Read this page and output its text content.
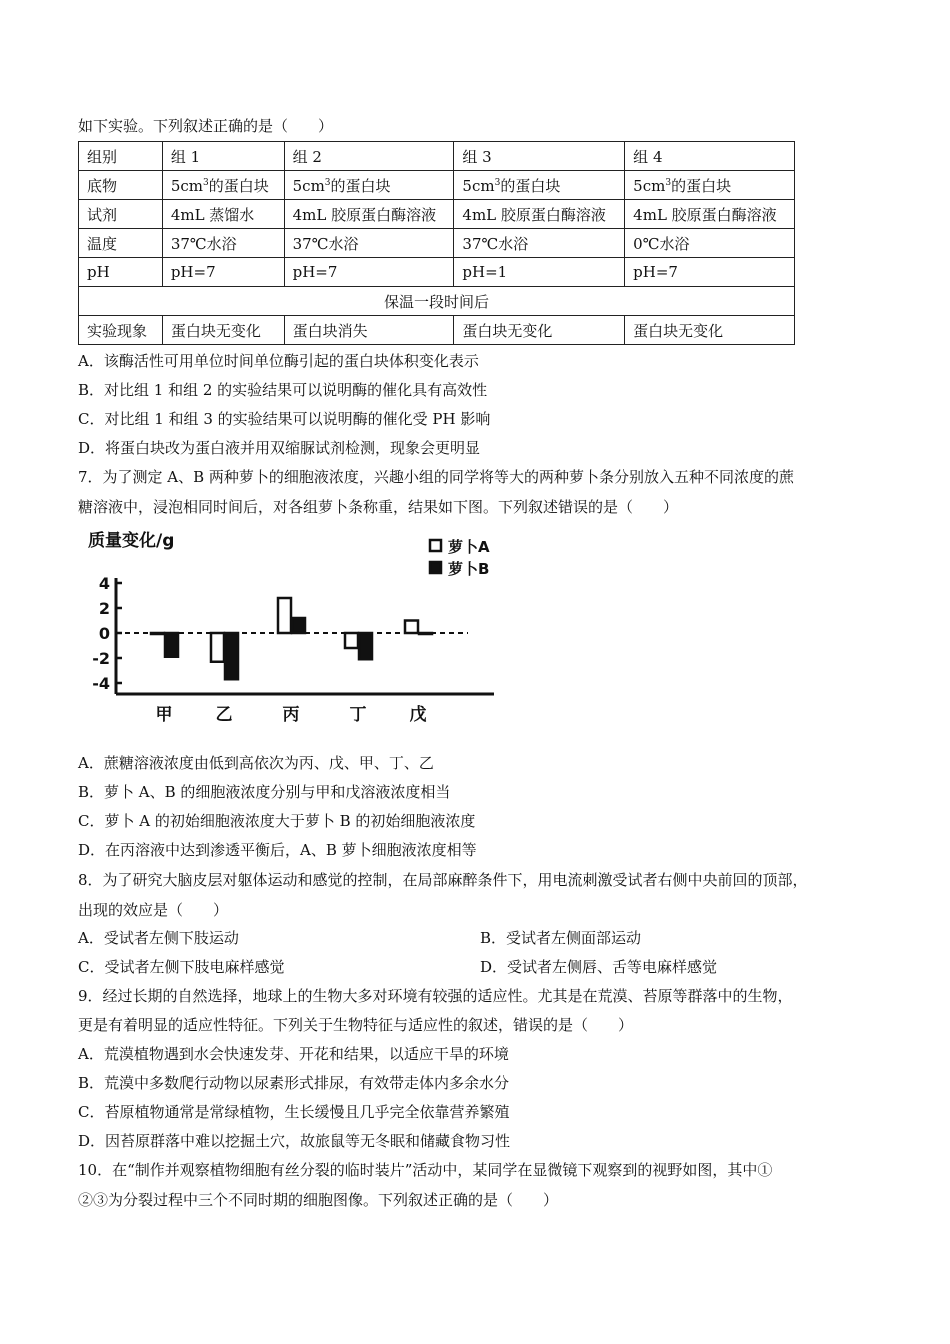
如下实验。下列叙述正确的是（　　）
组别	组 1	组 2	组 3	组 4
底物	$5cm^3$的蛋白块	$5cm^3$的蛋白块	$5cm^3$的蛋白块	$5cm^3$的蛋白块
试剂	4mL 蒸馏水	4mL 胶原蛋白酶溶液	4mL 胶原蛋白酶溶液	4mL 胶原蛋白酶溶液
温度	37℃水浴	37℃水浴	37℃水浴	0℃水浴
pH	pH=7	pH=7	pH=1	pH=7
保温一段时间后				
实验现象	蛋白块无变化	蛋白块消失	蛋白块无变化	蛋白块无变化
A．该酶活性可用单位时间单位酶引起的蛋白块体积变化表示
B．对比组 1 和组 2 的实验结果可以说明酶的催化具有高效性
C．对比组 1 和组 3 的实验结果可以说明酶的催化受 PH 影响
D．将蛋白块改为蛋白液并用双缩脲试剂检测，现象会更明显
7．为了测定 A、B 两种萝卜的细胞液浓度，兴趣小组的同学将等大的两种萝卜条分别放入五种不同浓度的蔗
糖溶液中，浸泡相同时间后，对各组萝卜条称重，结果如下图。下列叙述错误的是（　　）
质量变化/g	萝卜A
萝卜B
4
2
0
-2
-4
甲	乙	丙	丁	戊
A．蔗糖溶液浓度由低到高依次为丙、戊、甲、丁、乙
B．萝卜 A、B 的细胞液浓度分别与甲和戊溶液浓度相当
C．萝卜 A 的初始细胞液浓度大于萝卜 B 的初始细胞液浓度
D．在丙溶液中达到渗透平衡后，A、B 萝卜细胞液浓度相等
8．为了研究大脑皮层对躯体运动和感觉的控制，在局部麻醉条件下，用电流刺激受试者右侧中央前回的顶部，
出现的效应是（　　）
A．受试者左侧下肢运动	B．受试者左侧面部运动
C．受试者左侧下肢电麻样感觉	D．受试者左侧唇、舌等电麻样感觉
9．经过长期的自然选择，地球上的生物大多对环境有较强的适应性。尤其是在荒漠、苔原等群落中的生物，
更是有着明显的适应性特征。下列关于生物特征与适应性的叙述，错误的是（　　）
A．荒漠植物遇到水会快速发芽、开花和结果，以适应干旱的环境
B．荒漠中多数爬行动物以尿素形式排尿，有效带走体内多余水分
C．苔原植物通常是常绿植物，生长缓慢且几乎完全依靠营养繁殖
D．因苔原群落中难以挖掘土穴，故旅鼠等无冬眠和储藏食物习性
10．在“制作并观察植物细胞有丝分裂的临时装片”活动中，某同学在显微镜下观察到的视野如图，其中①
②③为分裂过程中三个不同时期的细胞图像。下列叙述正确的是（　　）
